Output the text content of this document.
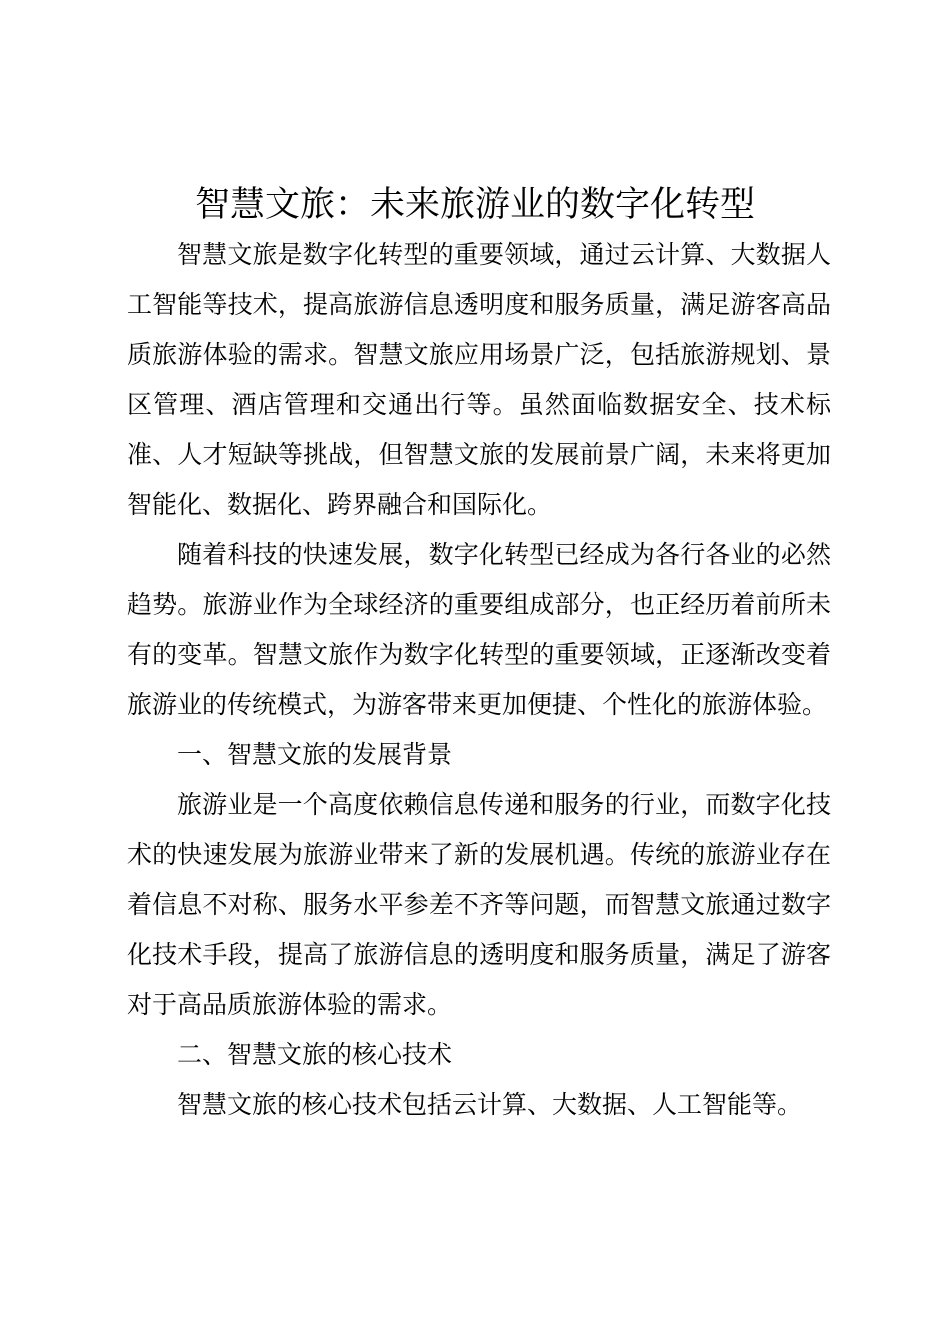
智慧文旅：未来旅游业的数字化转型

智慧文旅是数字化转型的重要领域，通过云计算、大数据人工智能等技术，提高旅游信息透明度和服务质量，满足游客高品质旅游体验的需求。智慧文旅应用场景广泛，包括旅游规划、景区管理、酒店管理和交通出行等。虽然面临数据安全、技术标准、人才短缺等挑战，但智慧文旅的发展前景广阔，未来将更加智能化、数据化、跨界融合和国际化。

随着科技的快速发展，数字化转型已经成为各行各业的必然趋势。旅游业作为全球经济的重要组成部分，也正经历着前所未有的变革。智慧文旅作为数字化转型的重要领域，正逐渐改变着旅游业的传统模式，为游客带来更加便捷、个性化的旅游体验。

一、智慧文旅的发展背景

旅游业是一个高度依赖信息传递和服务的行业，而数字化技术的快速发展为旅游业带来了新的发展机遇。传统的旅游业存在着信息不对称、服务水平参差不齐等问题，而智慧文旅通过数字化技术手段，提高了旅游信息的透明度和服务质量，满足了游客对于高品质旅游体验的需求。

二、智慧文旅的核心技术

智慧文旅的核心技术包括云计算、大数据、人工智能等。
